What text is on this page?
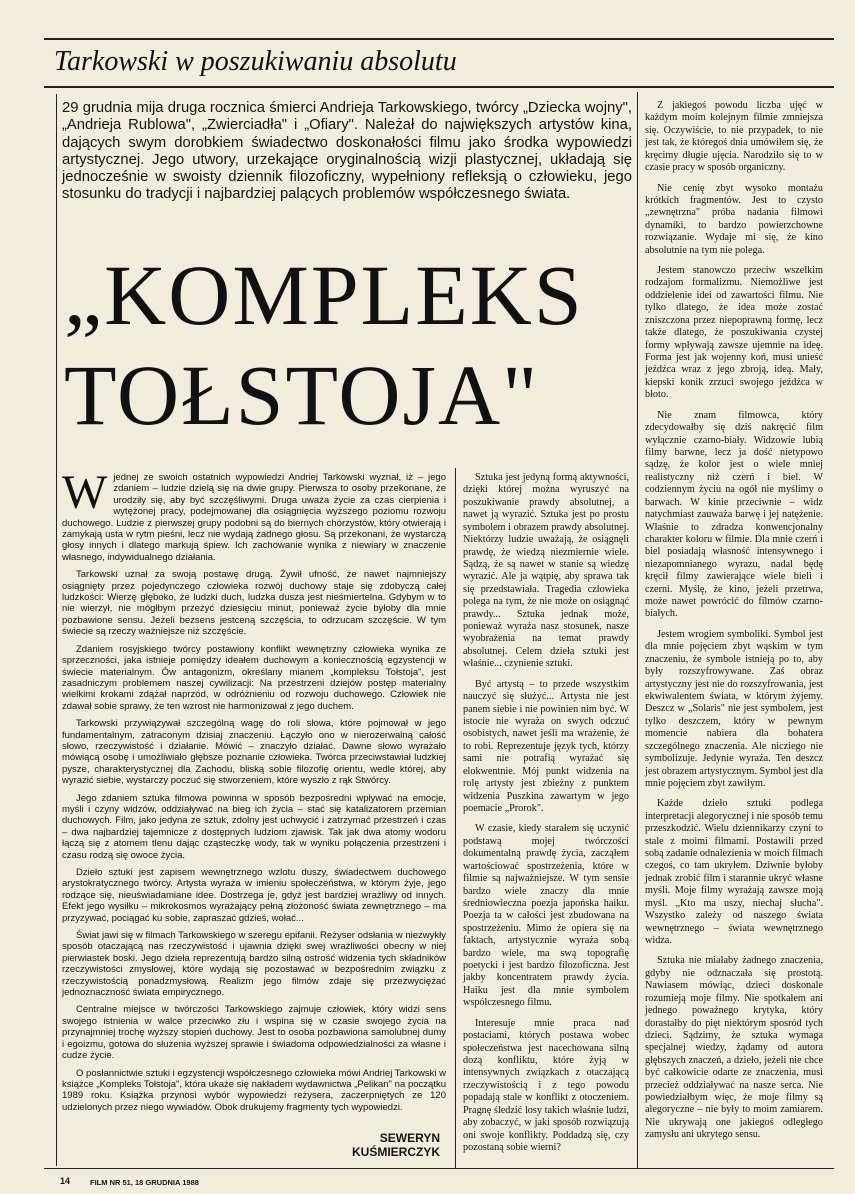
Tarkowski w poszukiwaniu absolutu

29 grudnia mija druga rocznica śmierci Andrieja Tarkowskiego, twórcy „Dziecka wojny", „Andrieja Rublowa", „Zwierciadła" i „Ofiary". Należał do największych artystów kina, dających swym dorobkiem świadectwo doskonałości filmu jako środka wypowiedzi artystycznej. Jego utwory, urzekające oryginalnością wizji plastycznej, układają się jednocześnie w swoisty dziennik filozoficzny, wypełniony refleksją o człowieku, jego stosunku do tradycji i najbardziej palących problemów współczesnego świata.

„KOMPLEKS
TOŁSTOJA"

Wjednej ze swoich ostatnich wypowiedzi Andriej Tarkowski wyznał, iż – jego zdaniem – ludzie dzielą się na dwie grupy. Pierwsza to osoby przekonane, że urodziły się, aby być szczęśliwymi. Druga uważa życie za czas cierpienia i wytężonej pracy, podejmowanej dla osiągnięcia wyższego poziomu rozwoju duchowego. Ludzie z pierwszej grupy podobni są do biernych chórzystów, który otwierają i zamykają usta w rytm pieśni, lecz nie wydają żadnego głosu. Są przekonani, że wystarczą głosy innych i dlatego markują śpiew. Ich zachowanie wynika z niewiary w znaczenie własnego, indywidualnego działania.

Tarkowski uznał za swoją postawę drugą. Żywił ufność, że nawet najmniejszy osiągnięty przez pojedynczego człowieka rozwój duchowy staje się zdobyczą całej ludzkości: Wierzę głęboko, że ludzki duch, ludzka dusza jest nieśmiertelna. Gdybym w to nie wierzył, nie mógłbym przeżyć dziesięciu minut, ponieważ życie byłoby dla mnie pozbawione sensu. Jeżeli bezsens jestceną szczęścia, to odrzucam szczęście. W tym świecie są rzeczy ważniejsze niż szczęście.

Zdaniem rosyjskiego twórcy postawiony konflikt wewnętrzny człowieka wynika ze sprzeczności, jaka istnieje pomiędzy ideałem duchowym a koniecznością egzystencji w świecie materialnym. Ów antagonizm, określany mianem „kompleksu Tołstoja", jest zasadniczym problemem naszej cywilizacji: Na przestrzeni dziejów postęp materialny wielkimi krokami zdążał naprzód, w odróżnieniu od rozwoju duchowego. Człowiek nie zdawał sobie sprawy, że ten wzrost nie harmonizował z jego duchem.

Tarkowski przywiązywał szczególną wagę do roli słowa, które pojmował w jego fundamentalnym, zatraconym dzisiaj znaczeniu. Łączyło ono w nierozerwalną całość słowo, rzeczywistość i działanie. Mówić – znaczyło działać. Dawne słowo wyrażało mówiącą osobę i umożliwiało głębsze poznanie człowieka. Twórca przeciwstawiał ludzkiej pysze, charakterystycznej dla Zachodu, bliską sobie filozofię orientu, wedle której, aby wyrazić siebie, wystarczy poczuć się stworzeniem, które wyszło z rąk Stwórcy.

Jego zdaniem sztuka filmowa powinna w sposób bezpośredni wpływać na emocje, myśli i czyny widzów, oddziaływać na bieg ich życia – stać się katalizatorem przemian duchowych. Film, jako jedyna ze sztuk, zdolny jest uchwycić i zatrzymać przestrzeń i czas – dwa najbardziej tajemnicze z dostępnych ludziom zjawisk. Tak jak dwa atomy wodoru łączą się z atomem tlenu dając cząsteczkę wody, tak w wyniku połączenia przestrzeni i czasu rodzą się owoce życia.

Dzieło sztuki jest zapisem wewnętrznego wzlotu duszy, świadectwem duchowego arystokratycznego twórcy. Artysta wyraża w imieniu społeczeństwa, w którym żyje, jego rodzące się, nieuświadamiane idee. Dostrzega je, gdyż jest bardziej wrażliwy od innych. Efekt jego wysiłku – mikrokosmos wyrażający pełną złożoność świata zewnętrznego – ma przyzywać, pociągać ku sobie, zapraszać gdzieś, wołać...

Świat jawi się w filmach Tarkowskiego w szeregu epifanii. Reżyser odsłania w niezwykły sposób otaczającą nas rzeczywistość i ujawnia dzięki swej wrażliwości obecny w niej pierwiastek boski. Jego dzieła reprezentują bardzo silną ostrość widzenia tych składników rzeczywistości zmysłowej, które wydają się pozostawać w bezpośrednim związku z rzeczywistością ponadzmysłową. Realizm jego filmów zdaje się przezwyciężać jednoznaczność świata empirycznego.

Centralne miejsce w twórczości Tarkowskiego zajmuje człowiek, który widzi sens swojego istnienia w walce przeciwko złu i wspina się w czasie swojego życia na przynajmniej trochę wyższy stopień duchowy. Jest to osoba pozbawiona samolubnej dumy i egoizmu, gotowa do służenia wyższej sprawie i świadoma odpowiedzialności za własne i cudze życie.

O posłannictwie sztuki i egzystencji współczesnego człowieka mówi Andriej Tarkowski w książce „Kompleks Tołstoja", która ukaże się nakładem wydawnictwa „Pelikan" na początku 1989 roku. Książka przynosi wybór wypowiedzi reżysera, zaczerpniętych ze 120 udzielonych przez niego wywiadów. Obok drukujemy fragmenty tych wypowiedzi.

SEWERYN
KUŚMIERCZYK

Sztuka jest jedyną formą aktywności, dzięki której można wyruszyć na poszukiwanie prawdy absolutnej, a nawet ją wyrazić. Sztuka jest po prostu symbolem i obrazem prawdy absolutnej. Niektórzy ludzie uważają, że osiągnęli prawdę, że wiedzą niezmiernie wiele. Sądzą, że są nawet w stanie są wiedzę wyrazić. Ale ja wątpię, aby sprawa tak się przedstawiała. Tragedia człowieka polega na tym, że nie może on osiągnąć prawdy... Sztuka jednak może, ponieważ wyraża nasz stosunek, nasze wyobrażenia na temat prawdy absolutnej. Celem dzieła sztuki jest właśnie... czynienie sztuki.

Być artystą – to przede wszystkim nauczyć się służyć... Artysta nie jest panem siebie i nie powinien nim być. W istocie nie wyraża on swych odczuć osobistych, nawet jeśli ma wrażenie, że to robi. Reprezentuje język tych, którzy sami nie potrafią wyrażać się elokwentnie. Mój punkt widzenia na rolę artysty jest zbieżny z punktem widzenia Puszkina zawartym w jego poemacie „Prorok".

W czasie, kiedy starałem się uczynić podstawą mojej twórczości dokumentalną prawdę życia, zacząłem wartościować spostrzeżenia, które w filmie są najważniejsze. W tym sensie bardzo wiele znaczy dla mnie średniowieczna poezja japońska haiku. Poezja ta w całości jest zbudowana na spostrzeżeniu. Mimo że opiera się na faktach, artystycznie wyraża sobą bardzo wiele, ma swą topografię poetycki i jest bardzo filozoficzna. Jest jakby koncentratem prawdy życia. Haiku jest dla mnie symbolem współczesnego filmu.

Interesuje mnie praca nad postaciami, których postawa wobec społeczeństwa jest nacechowana silną dozą konfliktu, które żyją w intensywnych związkach z otaczającą rzeczywistością i z tego powodu popadają stale w konflikt z otoczeniem. Pragnę śledzić losy takich właśnie ludzi, aby zobaczyć, w jaki sposób rozwiązują oni swoje konflikty. Poddadzą się, czy pozostaną sobie wierni?

Z jakiegoś powodu liczba ujęć w każdym moim kolejnym filmie zmniejsza się. Oczywiście, to nie przypadek, to nie jest tak, że któregoś dnia umówiłem się, że kręcimy długie ujęcia. Narodziło się to w czasie pracy w sposób organiczny.

Nie cenię zbyt wysoko montażu krótkich fragmentów. Jest to czysto „zewnętrzna" próba nadania filmowi dynamiki, to bardzo powierzchowne rozwiązanie. Wydaje mi się, że kino absolutnie na tym nie polega.

Jestem stanowczo przeciw wszelkim rodzajom formalizmu. Niemożliwe jest oddzielenie idei od zawartości filmu. Nie tylko dlatego, że idea może zostać zniszczona przez niepoprawną formę, lecz także dlatego, że poszukiwania czystej formy wpływają zawsze ujemnie na ideę. Forma jest jak wojenny koń, musi unieść jeźdźca wraz z jego zbroją, ideą. Mały, kiepski konik zrzuci swojego jeźdźca w błoto.

Nie znam filmowca, który zdecydowałby się dziś nakręcić film wyłącznie czarno-biały. Widzowie lubią filmy barwne, lecz ja dość nietypowo sądzę, że kolor jest o wiele mniej realistyczny niż czerń i biel. W codziennym życiu na ogół nie myślimy o barwach. W kinie przeciwnie – widz natychmiast zauważa barwę i jej natężenie. Właśnie to zdradza konwencjonalny charakter koloru w filmie. Dla mnie czerń i biel posiadają własność intensywnego i niezapomnianego wyrazu, nadal będę kręcił filmy zawierające wiele bieli i czerni. Myślę, że kino, jeżeli przetrwa, może nawet powrócić do filmów czarno-białych.

Jestem wrogiem symboliki. Symbol jest dla mnie pojęciem zbyt wąskim w tym znaczeniu, że symbole istnieją po to, aby były rozszyfrowywane. Zaś obraz artystyczny jest nie do rozszyfrowania, jest ekwiwalentem świata, w którym żyjemy. Deszcz w „Solaris" nie jest symbolem, jest tylko deszczem, który w pewnym momencie nabiera dla bohatera szczególnego znaczenia. Ale nicziego nie symbolizuje. Jedynie wyraża. Ten deszcz jest obrazem artystycznym. Symbol jest dla mnie pojęciem zbyt zawiłym.

Każde dzieło sztuki podlega interpretacji alegorycznej i nie sposób temu przeszkodzić. Wielu dziennikarzy czyni to stale z moimi filmami. Postawili przed sobą zadanie odnalezienia w moich filmach czegoś, co tam ukryłem. Dziwnie byłoby jednak zrobić film i starannie ukryć własne myśli. Moje filmy wyrażają zawsze moją myśl. „Kto ma uszy, niechaj słucha". Wszystko zależy od naszego świata wewnętrznego – świata wewnętrznego widza.

Sztuka nie miałaby żadnego znaczenia, gdyby nie odznaczała się prostotą. Nawiasem mówiąc, dzieci doskonale rozumieją moje filmy. Nie spotkałem ani jednego poważnego krytyka, który dorastałby do pięt niektórym sposród tych dzieci. Sądzimy, że sztuka wymaga specjalnej wiedzy, żądamy od autora głębszych znaczeń, a dzieło, jeżeli nie chce być całkowicie odarte ze znaczenia, musi przecież oddziaływać na nasze serca. Nie powiedziałbym więc, że moje filmy są alegoryczne – nie były to moim zamiarem. Nie ukrywają one jakiegoś odległego zamysłu ani ukrytego sensu.

14	FILM NR 51, 18 GRUDNIA 1988
